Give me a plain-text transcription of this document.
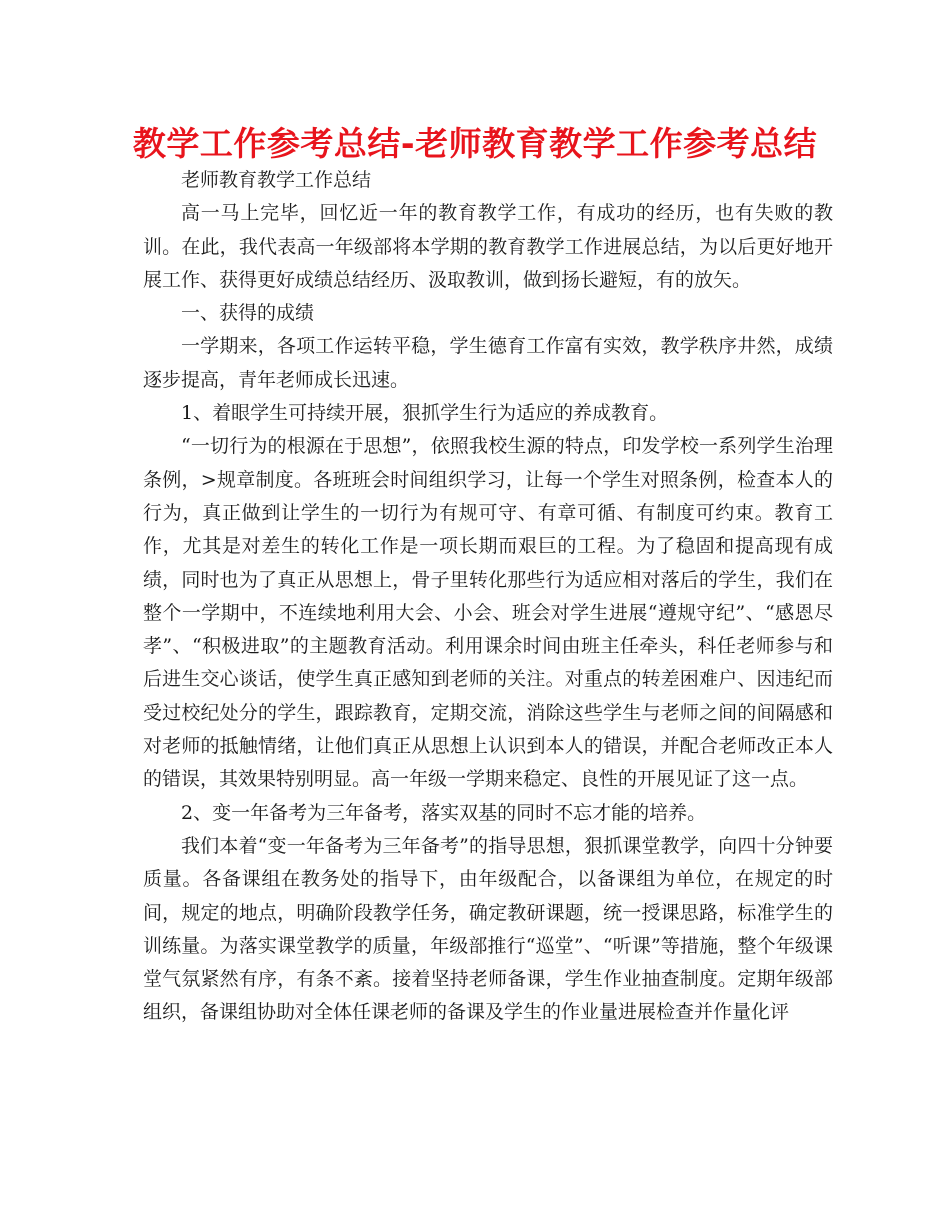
教学工作参考总结-老师教育教学工作参考总结

老师教育教学工作总结

高一马上完毕，回忆近一年的教育教学工作，有成功的经历，也有失败的教训。在此，我代表高一年级部将本学期的教育教学工作进展总结，为以后更好地开展工作、获得更好成绩总结经历、汲取教训，做到扬长避短，有的放矢。

一、获得的成绩

一学期来，各项工作运转平稳，学生德育工作富有实效，教学秩序井然，成绩逐步提高，青年老师成长迅速。

1、着眼学生可持续开展，狠抓学生行为适应的养成教育。

“一切行为的根源在于思想”，依照我校生源的特点，印发学校一系列学生治理条例，>规章制度。各班班会时间组织学习，让每一个学生对照条例，检查本人的行为，真正做到让学生的一切行为有规可守、有章可循、有制度可约束。教育工作，尤其是对差生的转化工作是一项长期而艰巨的工程。为了稳固和提高现有成绩，同时也为了真正从思想上，骨子里转化那些行为适应相对落后的学生，我们在整个一学期中，不连续地利用大会、小会、班会对学生进展“遵规守纪”、“感恩尽孝”、“积极进取”的主题教育活动。利用课余时间由班主任牵头，科任老师参与和后进生交心谈话，使学生真正感知到老师的关注。对重点的转差困难户、因违纪而受过校纪处分的学生，跟踪教育，定期交流，消除这些学生与老师之间的间隔感和对老师的抵触情绪，让他们真正从思想上认识到本人的错误，并配合老师改正本人的错误，其效果特别明显。高一年级一学期来稳定、良性的开展见证了这一点。

2、变一年备考为三年备考，落实双基的同时不忘才能的培养。

我们本着“变一年备考为三年备考”的指导思想，狠抓课堂教学，向四十分钟要质量。各备课组在教务处的指导下，由年级配合，以备课组为单位，在规定的时间，规定的地点，明确阶段教学任务，确定教研课题，统一授课思路，标准学生的训练量。为落实课堂教学的质量，年级部推行“巡堂”、“听课”等措施，整个年级课堂气氛紧然有序，有条不紊。接着坚持老师备课，学生作业抽查制度。定期年级部组织，备课组协助对全体任课老师的备课及学生的作业量进展检查并作量化评
